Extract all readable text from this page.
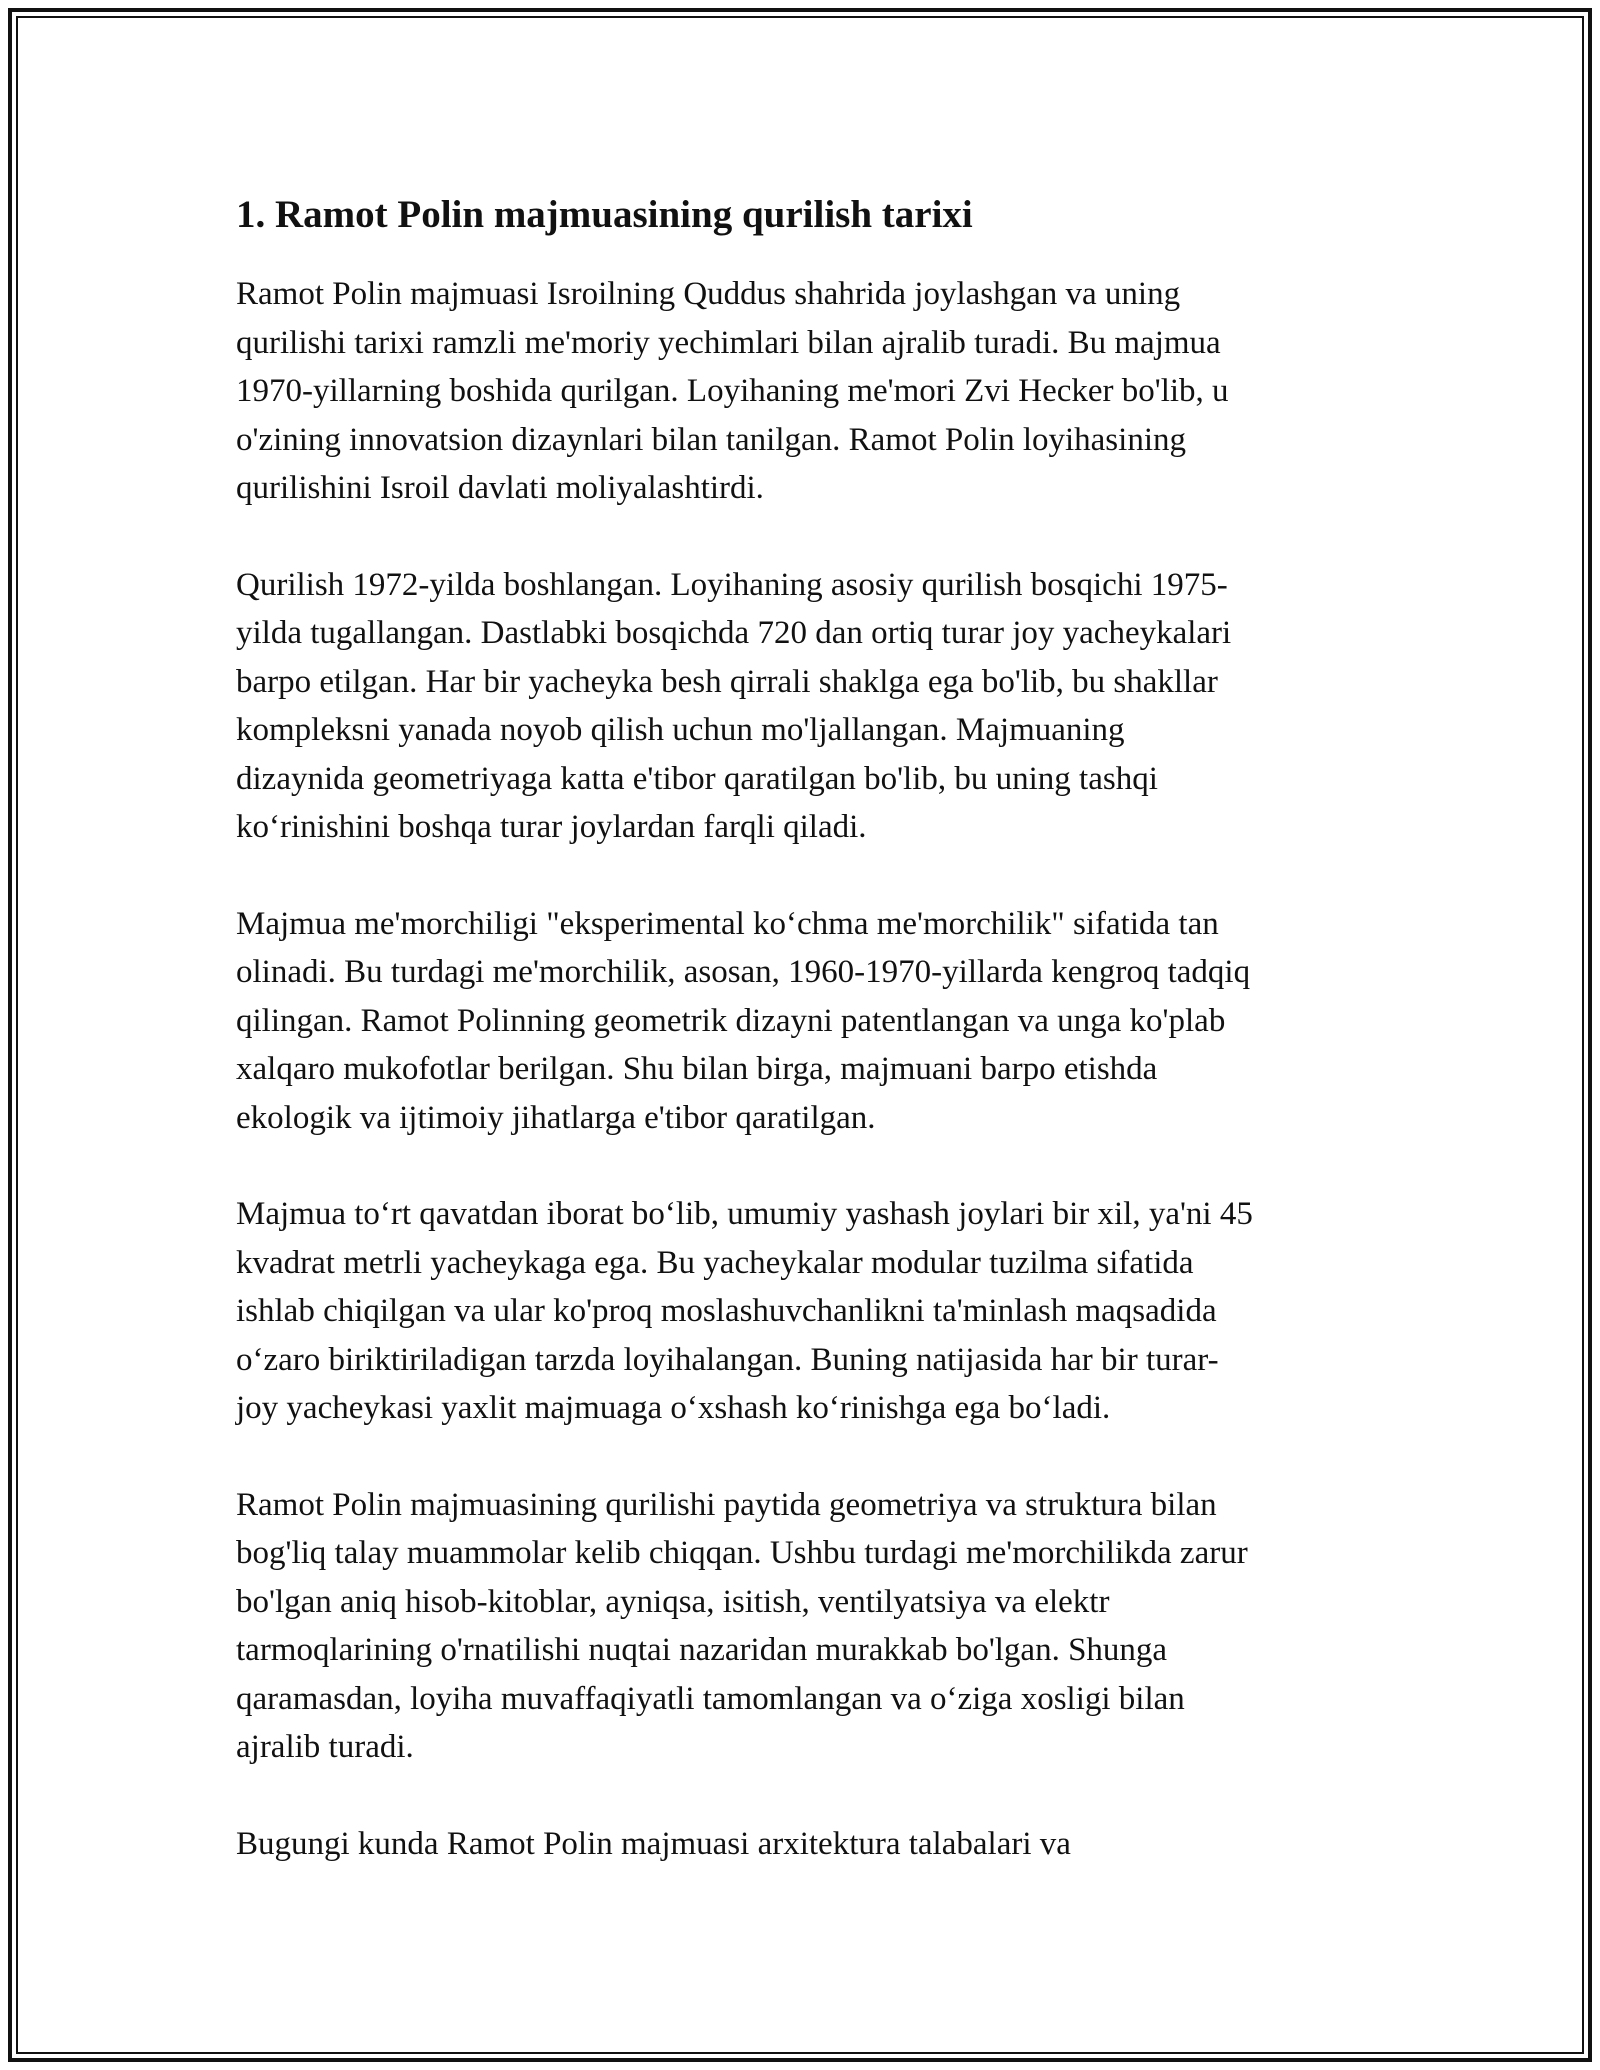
1. Ramot Polin majmuasining qurilish tarixi

Ramot Polin majmuasi Isroilning Quddus shahrida joylashgan va uning
qurilishi tarixi ramzli me'moriy yechimlari bilan ajralib turadi. Bu majmua
1970-yillarning boshida qurilgan. Loyihaning me'mori Zvi Hecker bo'lib, u
o'zining innovatsion dizaynlari bilan tanilgan. Ramot Polin loyihasining
qurilishini Isroil davlati moliyalashtirdi.

Qurilish 1972-yilda boshlangan. Loyihaning asosiy qurilish bosqichi 1975-
yilda tugallangan. Dastlabki bosqichda 720 dan ortiq turar joy yacheykalari
barpo etilgan. Har bir yacheyka besh qirrali shaklga ega bo'lib, bu shakllar
kompleksni yanada noyob qilish uchun mo'ljallangan. Majmuaning
dizaynida geometriyaga katta e'tibor qaratilgan bo'lib, bu uning tashqi
ko‘rinishini boshqa turar joylardan farqli qiladi.

Majmua me'morchiligi "eksperimental ko‘chma me'morchilik" sifatida tan
olinadi. Bu turdagi me'morchilik, asosan, 1960-1970-yillarda kengroq tadqiq
qilingan. Ramot Polinning geometrik dizayni patentlangan va unga ko'plab
xalqaro mukofotlar berilgan. Shu bilan birga, majmuani barpo etishda
ekologik va ijtimoiy jihatlarga e'tibor qaratilgan.

Majmua to‘rt qavatdan iborat bo‘lib, umumiy yashash joylari bir xil, ya'ni 45
kvadrat metrli yacheykaga ega. Bu yacheykalar modular tuzilma sifatida
ishlab chiqilgan va ular ko'proq moslashuvchanlikni ta'minlash maqsadida
o‘zaro biriktiriladigan tarzda loyihalangan. Buning natijasida har bir turar-
joy yacheykasi yaxlit majmuaga o‘xshash ko‘rinishga ega bo‘ladi.

Ramot Polin majmuasining qurilishi paytida geometriya va struktura bilan
bog'liq talay muammolar kelib chiqqan. Ushbu turdagi me'morchilikda zarur
bo'lgan aniq hisob-kitoblar, ayniqsa, isitish, ventilyatsiya va elektr
tarmoqlarining o'rnatilishi nuqtai nazaridan murakkab bo'lgan. Shunga
qaramasdan, loyiha muvaffaqiyatli tamomlangan va o‘ziga xosligi bilan
ajralib turadi.

Bugungi kunda Ramot Polin majmuasi arxitektura talabalari va
